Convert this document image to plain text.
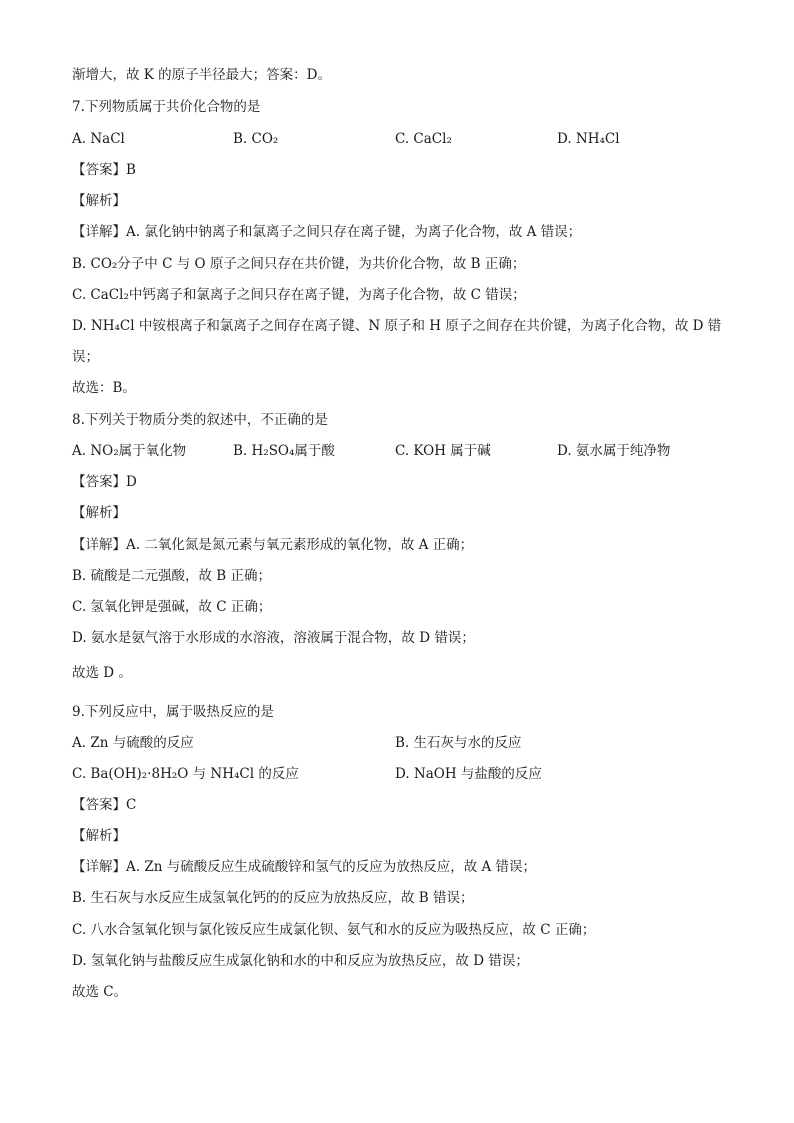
渐增大，故 K 的原子半径最大；答案：D。
7.下列物质属于共价化合物的是
A. NaCl	B. CO₂	C. CaCl₂	D. NH₄Cl
【答案】B
【解析】
【详解】A. 氯化钠中钠离子和氯离子之间只存在离子键，为离子化合物，故 A 错误；
B. CO₂分子中 C 与 O 原子之间只存在共价键，为共价化合物，故 B 正确；
C. CaCl₂中钙离子和氯离子之间只存在离子键，为离子化合物，故 C 错误；
D. NH₄Cl 中铵根离子和氯离子之间存在离子键、N 原子和 H 原子之间存在共价键，为离子化合物，故 D 错
误；
故选：B。
8.下列关于物质分类的叙述中，不正确的是
A. NO₂属于氧化物	B. H₂SO₄属于酸	C. KOH 属于碱	D. 氨水属于纯净物
【答案】D
【解析】
【详解】A. 二氧化氮是氮元素与氧元素形成的氧化物，故 A 正确；
B. 硫酸是二元强酸，故 B 正确；
C. 氢氧化钾是强碱，故 C 正确；
D. 氨水是氨气溶于水形成的水溶液，溶液属于混合物，故 D 错误；
故选 D 。
9.下列反应中，属于吸热反应的是
A. Zn 与硫酸的反应	B. 生石灰与水的反应
C. Ba(OH)₂·8H₂O 与 NH₄Cl 的反应	D. NaOH 与盐酸的反应
【答案】C
【解析】
【详解】A. Zn 与硫酸反应生成硫酸锌和氢气的反应为放热反应，故 A 错误；
B. 生石灰与水反应生成氢氧化钙的的反应为放热反应，故 B 错误；
C. 八水合氢氧化钡与氯化铵反应生成氯化钡、氨气和水的反应为吸热反应，故 C 正确；
D. 氢氧化钠与盐酸反应生成氯化钠和水的中和反应为放热反应，故 D 错误；
故选 C。
